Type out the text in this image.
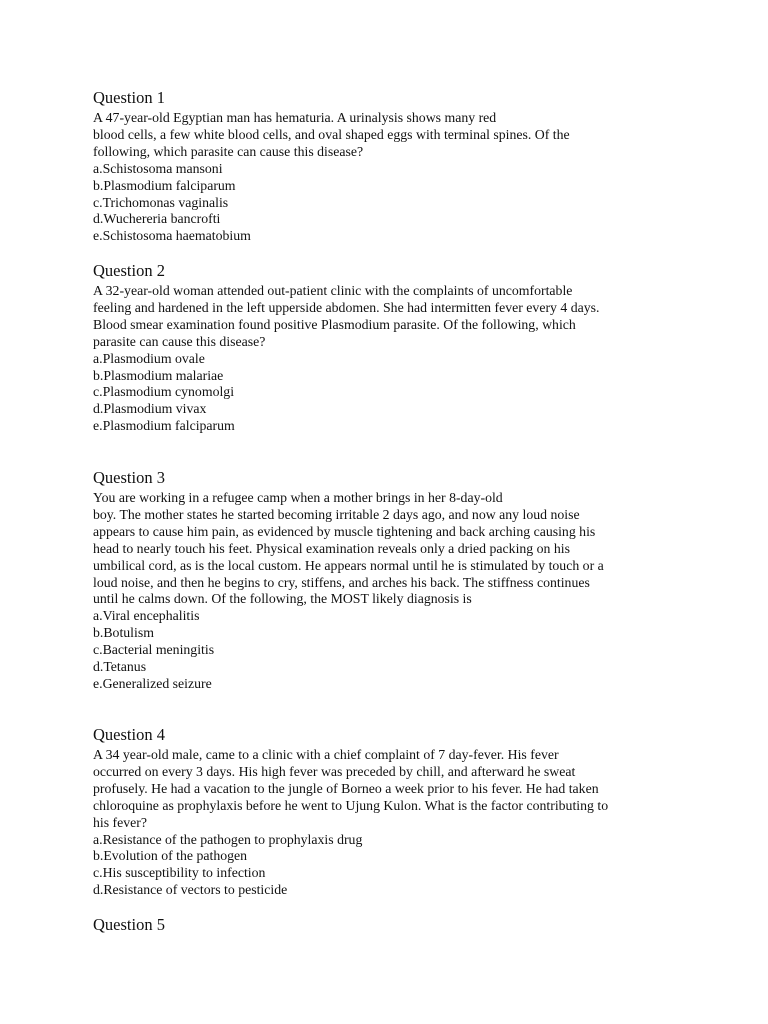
Question 1
A 47-year-old Egyptian man has hematuria. A urinalysis shows many red
blood cells, a few white blood cells, and oval shaped eggs with terminal spines. Of the
following, which parasite can cause this disease?
a.Schistosoma mansoni
b.Plasmodium falciparum
c.Trichomonas vaginalis
d.Wuchereria bancrofti
e.Schistosoma haematobium
Question 2
A 32-year-old woman attended out-patient clinic with the complaints of uncomfortable
feeling and hardened in the left upperside abdomen. She had intermitten fever every 4 days.
Blood smear examination found positive Plasmodium parasite. Of the following, which
parasite can cause this disease?
a.Plasmodium ovale
b.Plasmodium malariae
c.Plasmodium cynomolgi
d.Plasmodium vivax
e.Plasmodium falciparum
Question 3
You are working in a refugee camp when a mother brings in her 8-day-old
boy. The mother states he started becoming irritable 2 days ago, and now any loud noise
appears to cause him pain, as evidenced by muscle tightening and back arching causing his
head to nearly touch his feet. Physical examination reveals only a dried packing on his
umbilical cord, as is the local custom. He appears normal until he is stimulated by touch or a
loud noise, and then he begins to cry, stiffens, and arches his back. The stiffness continues
until he calms down. Of the following, the MOST likely diagnosis is
a.Viral encephalitis
b.Botulism
c.Bacterial meningitis
d.Tetanus
e.Generalized seizure
Question 4
A 34 year-old male, came to a clinic with a chief complaint of 7 day-fever. His fever
occurred on every 3 days. His high fever was preceded by chill, and afterward he sweat
profusely. He had a vacation to the jungle of Borneo a week prior to his fever. He had taken
chloroquine as prophylaxis before he went to Ujung Kulon. What is the factor contributing to
his fever?
a.Resistance of the pathogen to prophylaxis drug
b.Evolution of the pathogen
c.His susceptibility to infection
d.Resistance of vectors to pesticide
Question 5
